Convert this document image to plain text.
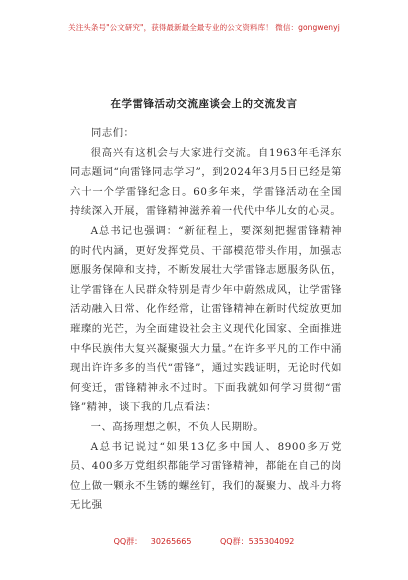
关注头条号"公文研究"，获得最新最全最专业的公文资料库！ 微信：gongwenyj
在学雷锋活动交流座谈会上的交流发言

同志们：

很高兴有这机会与大家进行交流。自1963年毛泽东同志题词“向雷锋同志学习”，到2024年3月5日已经是第六十一个学雷锋纪念日。60多年来，学雷锋活动在全国持续深入开展，雷锋精神滋养着一代代中华儿女的心灵。

A总书记也强调：“新征程上，要深刻把握雷锋精神的时代内涵，更好发挥党员、干部模范带头作用，加强志愿服务保障和支持，不断发展壮大学雷锋志愿服务队伍，让学雷锋在人民群众特别是青少年中蔚然成风，让学雷锋活动融入日常、化作经常，让雷锋精神在新时代绽放更加璀璨的光芒，为全面建设社会主义现代化国家、全面推进中华民族伟大复兴凝聚强大力量。”在许多平凡的工作中涌现出许许多多的当代“雷锋”，通过实践证明，无论时代如何变迁，雷锋精神永不过时。下面我就如何学习贯彻“雷锋”精神，谈下我的几点看法：

一、高扬理想之帜，不负人民期盼。

A总书记说过“如果13亿多中国人、8900多万党员、400多万党组织都能学习雷锋精神，都能在自己的岗位上做一颗永不生锈的螺丝钉，我们的凝聚力、战斗力将无比强

QQ群： 30265665	QQ群：535304092
